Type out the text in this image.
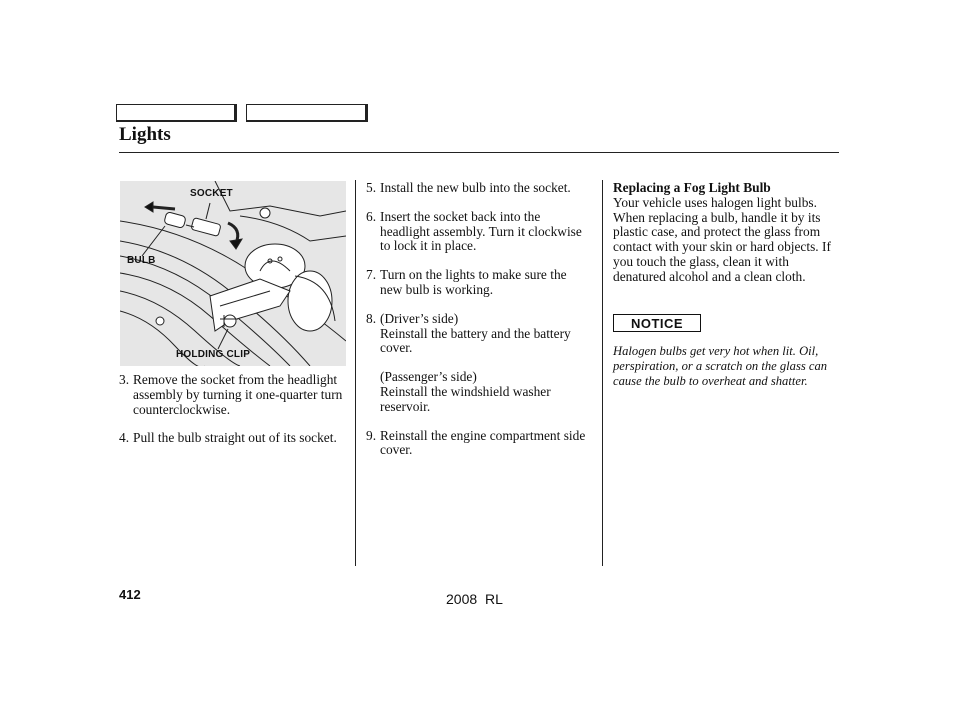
Lights
SOCKET
BULB
HOLDING CLIP
3. Remove the socket from the headlight assembly by turning it one-quarter turn counterclockwise.
4. Pull the bulb straight out of its socket.
5. Install the new bulb into the socket.
6. Insert the socket back into the headlight assembly. Turn it clockwise to lock it in place.
7. Turn on the lights to make sure the new bulb is working.
8. (Driver’s side)
Reinstall the battery and the battery cover.
(Passenger’s side)
Reinstall the windshield washer reservoir.
9. Reinstall the engine compartment side cover.
Replacing a Fog Light Bulb
Your vehicle uses halogen light bulbs. When replacing a bulb, handle it by its plastic case, and protect the glass from contact with your skin or hard objects. If you touch the glass, clean it with denatured alcohol and a clean cloth.
NOTICE
Halogen bulbs get very hot when lit. Oil, perspiration, or a scratch on the glass can cause the bulb to overheat and shatter.
412	2008 RL
